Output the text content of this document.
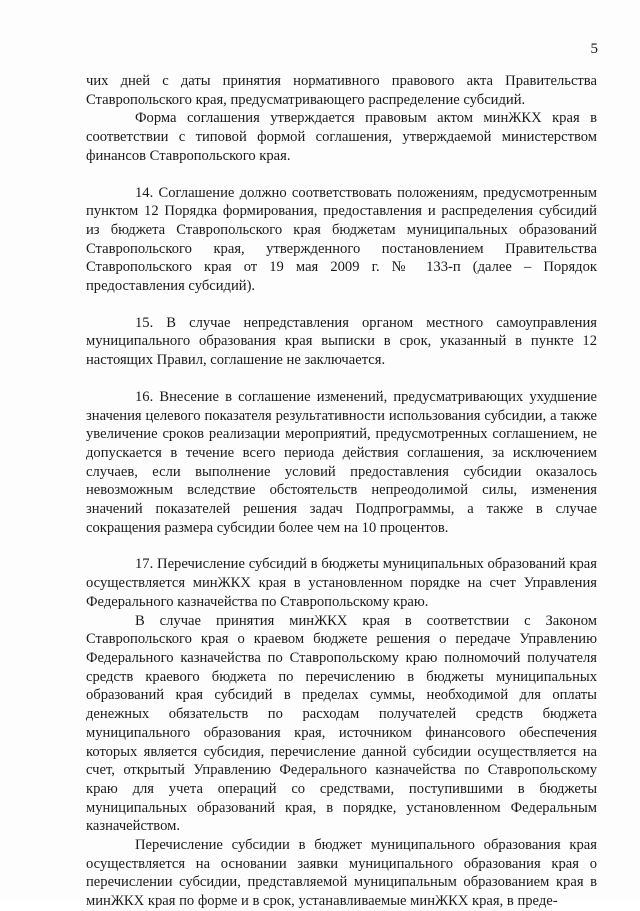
5

чих дней с даты принятия нормативного правового акта Правительства Ставропольского края, предусматривающего распределение субсидий.

Форма соглашения утверждается правовым актом минЖКХ края в соответствии с типовой формой соглашения, утверждаемой министерством финансов Ставропольского края.

14. Соглашение должно соответствовать положениям, предусмотренным пунктом 12 Порядка формирования, предоставления и распределения субсидий из бюджета Ставропольского края бюджетам муниципальных образований Ставропольского края, утвержденного постановлением Правительства Ставропольского края от 19 мая 2009 г. № 133-п (далее – Порядок предоставления субсидий).

15. В случае непредставления органом местного самоуправления муниципального образования края выписки в срок, указанный в пункте 12 настоящих Правил, соглашение не заключается.

16. Внесение в соглашение изменений, предусматривающих ухудшение значения целевого показателя результативности использования субсидии, а также увеличение сроков реализации мероприятий, предусмотренных соглашением, не допускается в течение всего периода действия соглашения, за исключением случаев, если выполнение условий предоставления субсидии оказалось невозможным вследствие обстоятельств непреодолимой силы, изменения значений показателей решения задач Подпрограммы, а также в случае сокращения размера субсидии более чем на 10 процентов.

17. Перечисление субсидий в бюджеты муниципальных образований края осуществляется минЖКХ края в установленном порядке на счет Управления Федерального казначейства по Ставропольскому краю.

В случае принятия минЖКХ края в соответствии с Законом Ставропольского края о краевом бюджете решения о передаче Управлению Федерального казначейства по Ставропольскому краю полномочий получателя средств краевого бюджета по перечислению в бюджеты муниципальных образований края субсидий в пределах суммы, необходимой для оплаты денежных обязательств по расходам получателей средств бюджета муниципального образования края, источником финансового обеспечения которых является субсидия, перечисление данной субсидии осуществляется на счет, открытый Управлению Федерального казначейства по Ставропольскому краю для учета операций со средствами, поступившими в бюджеты муниципальных образований края, в порядке, установленном Федеральным казначейством.

Перечисление субсидии в бюджет муниципального образования края осуществляется на основании заявки муниципального образования края о перечислении субсидии, представляемой муниципальным образованием края в минЖКХ края по форме и в срок, устанавливаемые минЖКХ края, в преде-
